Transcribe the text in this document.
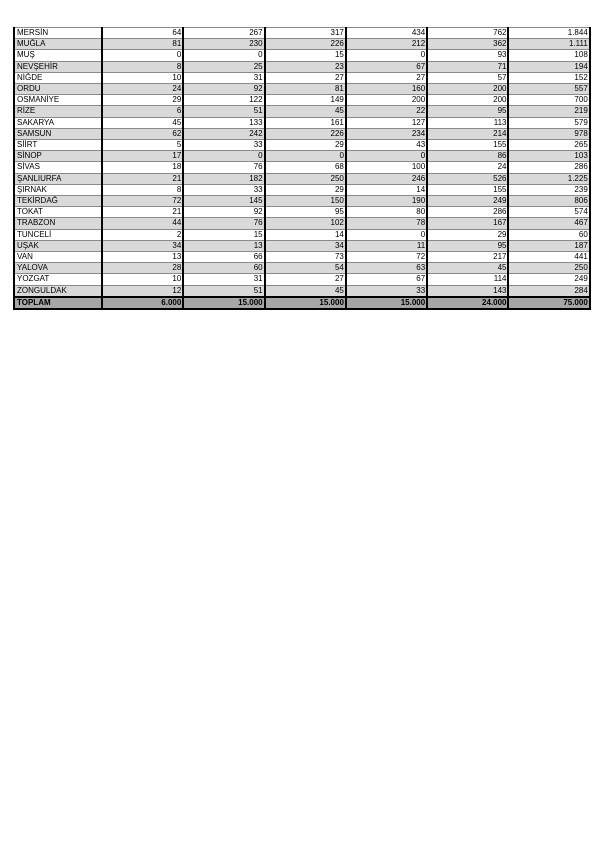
MERSİN	64	267	317	434	762	1.844
MUĞLA	81	230	226	212	362	1.111
MUŞ	0	0	15	0	93	108
NEVŞEHİR	8	25	23	67	71	194
NİĞDE	10	31	27	27	57	152
ORDU	24	92	81	160	200	557
OSMANİYE	29	122	149	200	200	700
RİZE	6	51	45	22	95	219
SAKARYA	45	133	161	127	113	579
SAMSUN	62	242	226	234	214	978
SİİRT	5	33	29	43	155	265
SİNOP	17	0	0	0	86	103
SİVAS	18	76	68	100	24	286
ŞANLIURFA	21	182	250	246	526	1.225
ŞIRNAK	8	33	29	14	155	239
TEKİRDAĞ	72	145	150	190	249	806
TOKAT	21	92	95	80	286	574
TRABZON	44	76	102	78	167	467
TUNCELİ	2	15	14	0	29	60
UŞAK	34	13	34	11	95	187
VAN	13	66	73	72	217	441
YALOVA	28	60	54	63	45	250
YOZGAT	10	31	27	67	114	249
ZONGULDAK	12	51	45	33	143	284
TOPLAM	6.000	15.000	15.000	15.000	24.000	75.000
